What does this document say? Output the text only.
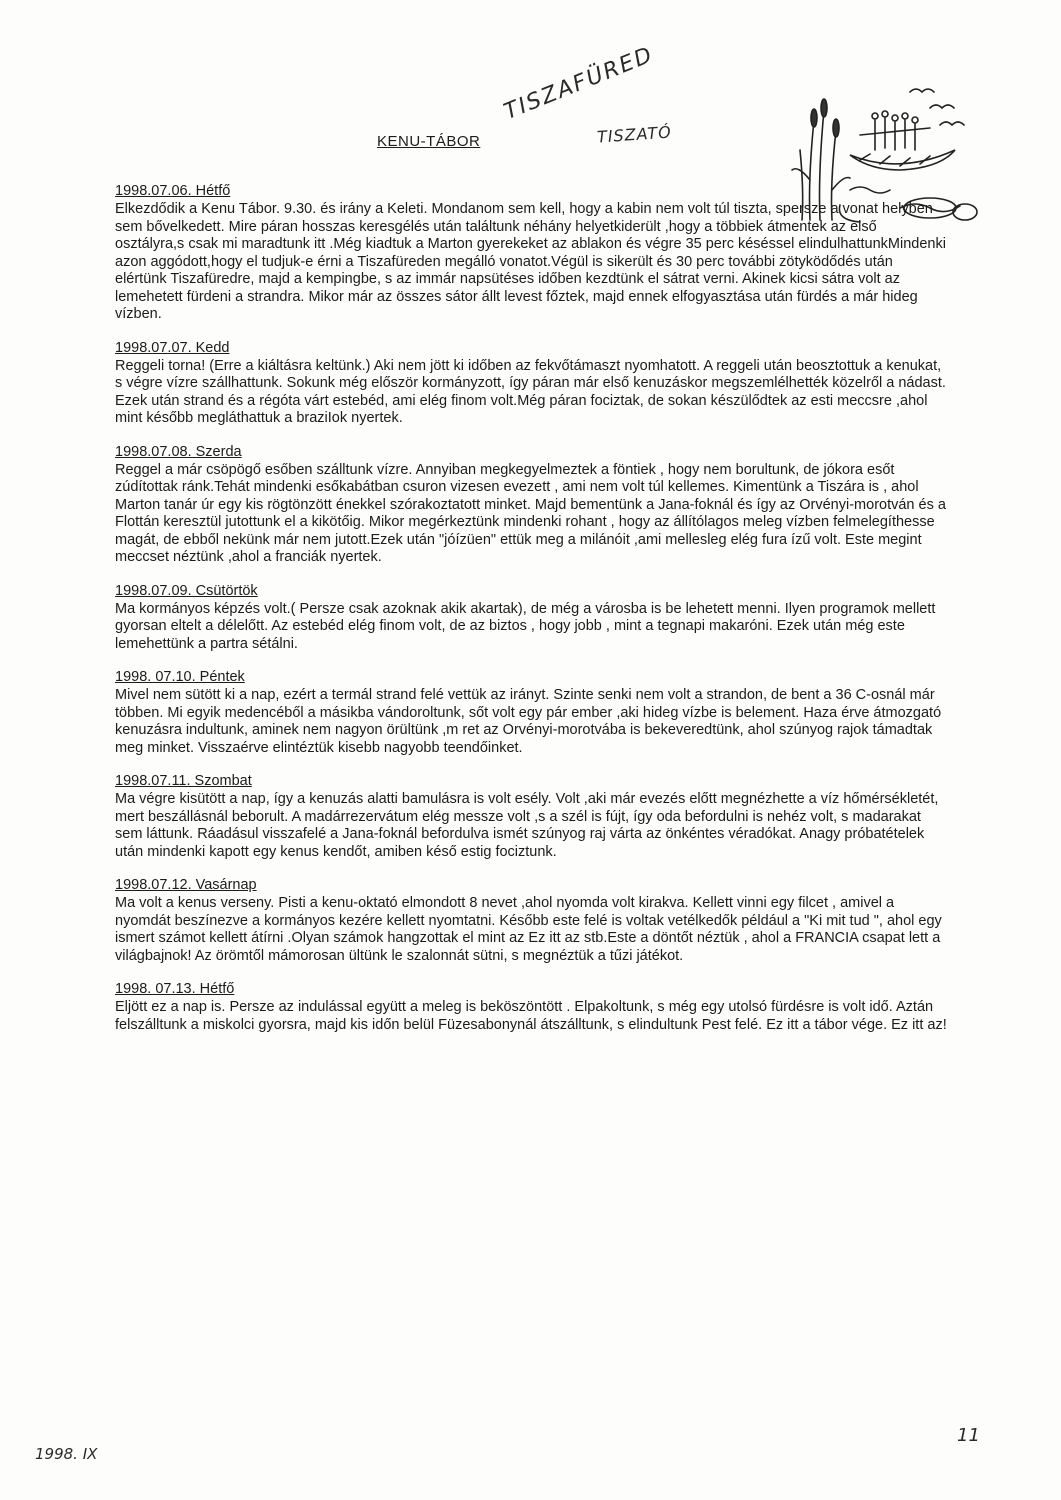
KENU-TÁBOR
TISZAFÜRED
TISZATÓ
1998.07.06. Hétfő

Elkezdődik a Kenu Tábor. 9.30. és irány a Keleti. Mondanom sem kell, hogy a kabin nem volt túl tiszta, spersze a vonat helyben sem bővelkedett. Mire páran hosszas keresgélés után találtunk néhány helyetkiderült ,hogy a többiek átmentek az első osztályra,s csak mi maradtunk itt .Még kiadtuk a Marton gyerekeket az ablakon és végre 35 perc késéssel elindulhattunkMindenki azon aggódott,hogy el tudjuk-e érni a Tiszafüreden megálló vonatot.Végül is sikerült és 30 perc további zötyködődés után elértünk Tiszafüredre, majd a kempingbe, s az immár napsütéses időben kezdtünk el sátrat verni. Akinek kicsi sátra volt az lemehetett fürdeni a strandra. Mikor már az összes sátor állt levest főztek, majd ennek elfogyasztása után fürdés a már hideg vízben.

1998.07.07. Kedd

Reggeli torna! (Erre a kiáltásra keltünk.) Aki nem jött ki időben az fekvőtámaszt nyomhatott. A reggeli után beosztottuk a kenukat, s végre vízre szállhattunk. Sokunk még először kormányzott, így páran már első kenuzáskor megszemlélhették közelről a nádast. Ezek után strand és a régóta várt estebéd, ami elég finom volt.Még páran fociztak, de sokan készülődtek az esti meccsre ,ahol mint később megláthattuk a braziIok nyertek.

1998.07.08. Szerda

Reggel a már csöpögő esőben szálltunk vízre. Annyiban megkegyelmeztek a föntiek , hogy nem borultunk, de jókora esőt zúdítottak ránk.Tehát mindenki esőkabátban csuron vizesen evezett , ami nem volt túl kellemes. Kimentünk a Tiszára is , ahol Marton tanár úr egy kis rögtönzött énekkel szórakoztatott minket. Majd bementünk a Jana-foknál és így az Orvényi-morotván és a Flottán keresztül jutottunk el a kikötőig. Mikor megérkeztünk mindenki rohant , hogy az állítólagos meleg vízben felmelegíthesse magát, de ebből nekünk már nem jutott.Ezek után "jóízüen" ettük meg a milánóit ,ami mellesleg elég fura ízű volt. Este megint meccset néztünk ,ahol a franciák nyertek.

1998.07.09. Csütörtök

Ma kormányos képzés volt.( Persze csak azoknak akik akartak), de még a városba is be lehetett menni. Ilyen programok mellett gyorsan eltelt a délelőtt. Az estebéd elég finom volt, de az biztos , hogy jobb , mint a tegnapi makaróni. Ezek után még este lemehettünk a partra sétálni.

1998. 07.10. Péntek

Mivel nem sütött ki a nap, ezért a termál strand felé vettük az irányt. Szinte senki nem volt a strandon, de bent a 36 C-osnál már többen. Mi egyik medencéből a másikba vándoroltunk, sőt volt egy pár ember ,aki hideg vízbe is belement. Haza érve átmozgató kenuzásra indultunk, aminek nem nagyon örültünk ,m ret az Orvényi-morotvába is bekeveredtünk, ahol szúnyog rajok támadtak meg minket. Visszaérve elintéztük kisebb nagyobb teendőinket.

1998.07.11. Szombat

Ma végre kisütött a nap, így a kenuzás alatti bamulásra is volt esély. Volt ,aki már evezés előtt megnézhette a víz hőmérsékletét, mert beszállásnál beborult. A madárrezervátum elég messze volt ,s a szél is fújt, így oda befordulni is nehéz volt, s madarakat sem láttunk. Ráadásul visszafelé a Jana-foknál befordulva ismét szúnyog raj várta az önkéntes véradókat. Anagy próbatételek után mindenki kapott egy kenus kendőt, amiben késő estig fociztunk.

1998.07.12. Vasárnap

Ma volt a kenus verseny. Pisti a kenu-oktató elmondott 8 nevet ,ahol nyomda volt kirakva. Kellett vinni egy filcet , amivel a nyomdát beszínezve a kormányos kezére kellett nyomtatni. Később este felé is voltak vetélkedők például a "Ki mit tud ", ahol egy ismert számot kellett átírni .Olyan számok hangzottak el mint az Ez itt az stb.Este a döntőt néztük , ahol a FRANCIA csapat lett a világbajnok! Az örömtől mámorosan ültünk le szalonnát sütni, s megnéztük a tűzi játékot.

1998. 07.13. Hétfő

Eljött ez a nap is. Persze az indulással együtt a meleg is beköszöntött . Elpakoltunk, s még egy utolsó fürdésre is volt idő. Aztán felszálltunk a miskolci gyorsra, majd kis időn belül Füzesabonynál átszálltunk, s elindultunk Pest felé. Ez itt a tábor vége. Ez itt az!

1998. IX
11
